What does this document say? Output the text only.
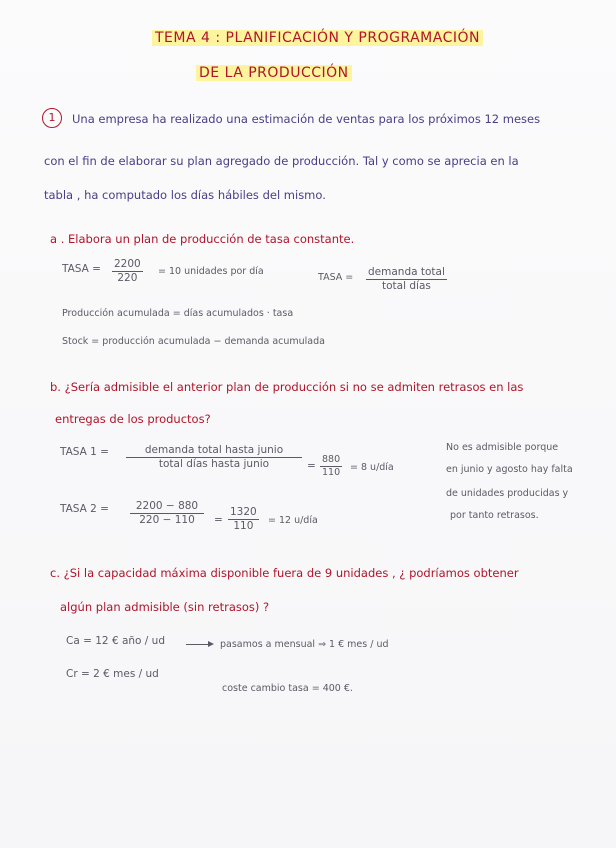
TEMA 4 : PLANIFICACIÓN Y PROGRAMACIÓN
DE LA PRODUCCIÓN
1	Una empresa ha realizado una estimación de ventas para los próximos 12 meses
con el fin de elaborar su plan agregado de producción. Tal y como se aprecia en la
tabla , ha computado los días hábiles del mismo.
a . Elabora un plan de producción de tasa constante.
TASA = $\frac{2200}{220} = 10$ unidades por día
TASA = demanda total
total días
Producción acumulada = días acumulados · tasa
Stock = producción acumulada − demanda acumulada
b. ¿Sería admisible el anterior plan de producción si no se admiten retrasos en las
entregas de los productos?
TASA 1 =	demanda total hasta junio
total días hasta junio	= $\frac{880}{110} = 8$ u/día
TASA $2 = \frac{2200 - 880}{220 - 110} = \frac{1320}{110} = 12$ u/día
No es admisible porque
en junio y agosto hay falta
de unidades producidas y
por tanto retrasos.
c. ¿Si la capacidad máxima disponible fuera de 9 unidades , ¿ podríamos obtener
algún plan admisible (sin retrasos) ?
Ca = 12 € año / ud	pasamos a mensual ⇒ 1 € mes / ud
Cr = 2 € mes / ud
coste cambio tasa = 400 €.
